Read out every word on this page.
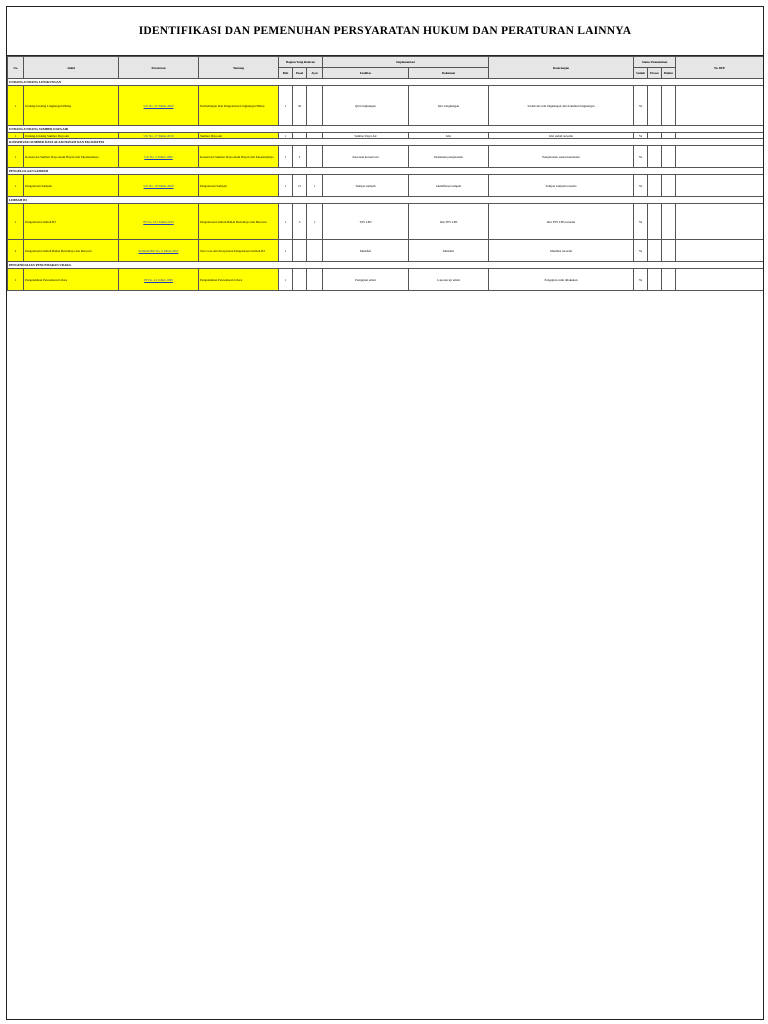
IDENTIFIKASI DAN PEMENUHAN PERSYARATAN HUKUM DAN PERATURAN LAINNYA
No	Judul	Peraturan	Tentang	Bagian Yang Relevan			Implementasi		Keterangan	Status Pemenuhan			No DFP
				Bab	Pasal	Ayat	Fasilitas	Dokumen		Sudah	Proses	Belum	
UNDANG-UNDANG LINGKUNGAN													
1	Undang-Undang Lingkungan Hidup	UU No. 32 Tahun 2009	Perlindungan Dan Pengelolaan Lingkungan Hidup	1	36		Ijin Lingkungan	Izin Lingkungan	Sudah ada izin lingkungan dan dokumen lingkungan	Ya			
UNDANG-UNDANG SUMBER DAYA AIR													
1	Undang-Undang Sumber Daya Air	UU No. 17 Tahun 2019	Sumber Daya Air	1			Sumber Daya Air	Izin	Izin sudah tersedia	Ya			
KONSERVASI SUMBER DAYA ALAM HAYATI DAN EKOSISTEM													
1	Konservasi Sumber Daya Alam Hayati dan Ekosistemnya	UU No. 5 Tahun 1990	Konservasi Sumber Daya Alam Hayati dan Ekosistemnya	1	2		Kawasan konservasi	Dokumen pengelolaan	Pengelolaan sesuai ketentuan	Ya			
PENGELOLAAN SAMPAH													
1	Pengelolaan Sampah	UU No. 18 Tahun 2008	Pengelolaan Sampah	1	12	1	Tempat sampah	Identifikasi sampah	Tempat sampah tersedia	Ya			
LIMBAH B3													
1	Pengelolaan Limbah B3	PP No. 101 Tahun 2014	Pengelolaan Limbah Bahan Berbahaya dan Beracun	1	3	1	TPS LB3	Izin TPS LB3	Izin TPS LB3 tersedia	Ya			
2	Pengelolaan Limbah Bahan Berbahaya dan Beracun	PermenLHK No. 6 Tahun 2021	Tata Cara dan Persyaratan Pengelolaan Limbah B3	1			Manifest	Manifest	Manifest tersedia	Ya			
PENGENDALIAN PENCEMARAN UDARA													
1	Pengendalian Pencemaran Udara	PP No. 41 Tahun 1999	Pengendalian Pencemaran Udara	1			Pengujian emisi	Laporan uji emisi	Pengujian rutin dilakukan	Ya			
